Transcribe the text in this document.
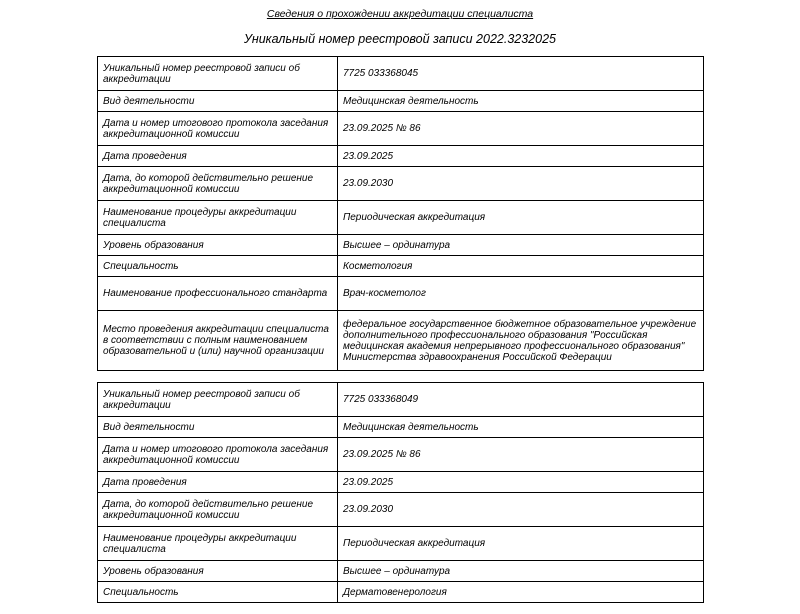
Сведения о прохождении аккредитации специалиста
Уникальный номер реестровой записи 2022.3232025
Уникальный номер реестровой записи об аккредитации	7725 033368045
Вид деятельности	Медицинская деятельность
Дата и номер итогового протокола заседания аккредитационной комиссии	23.09.2025 № 86
Дата проведения	23.09.2025
Дата, до которой действительно решение аккредитационной комиссии	23.09.2030
Наименование процедуры аккредитации специалиста	Периодическая аккредитация
Уровень образования	Высшее – ординатура
Специальность	Косметология
Наименование профессионального стандарта	Врач-косметолог
Место проведения аккредитации специалиста в соответствии с полным наименованием образовательной и (или) научной организации	федеральное государственное бюджетное образовательное учреждение дополнительного профессионального образования "Российская медицинская академия непрерывного профессионального образования" Министерства здравоохранения Российской Федерации
Уникальный номер реестровой записи об аккредитации	7725 033368049
Вид деятельности	Медицинская деятельность
Дата и номер итогового протокола заседания аккредитационной комиссии	23.09.2025 № 86
Дата проведения	23.09.2025
Дата, до которой действительно решение аккредитационной комиссии	23.09.2030
Наименование процедуры аккредитации специалиста	Периодическая аккредитация
Уровень образования	Высшее – ординатура
Специальность	Дерматовенерология
